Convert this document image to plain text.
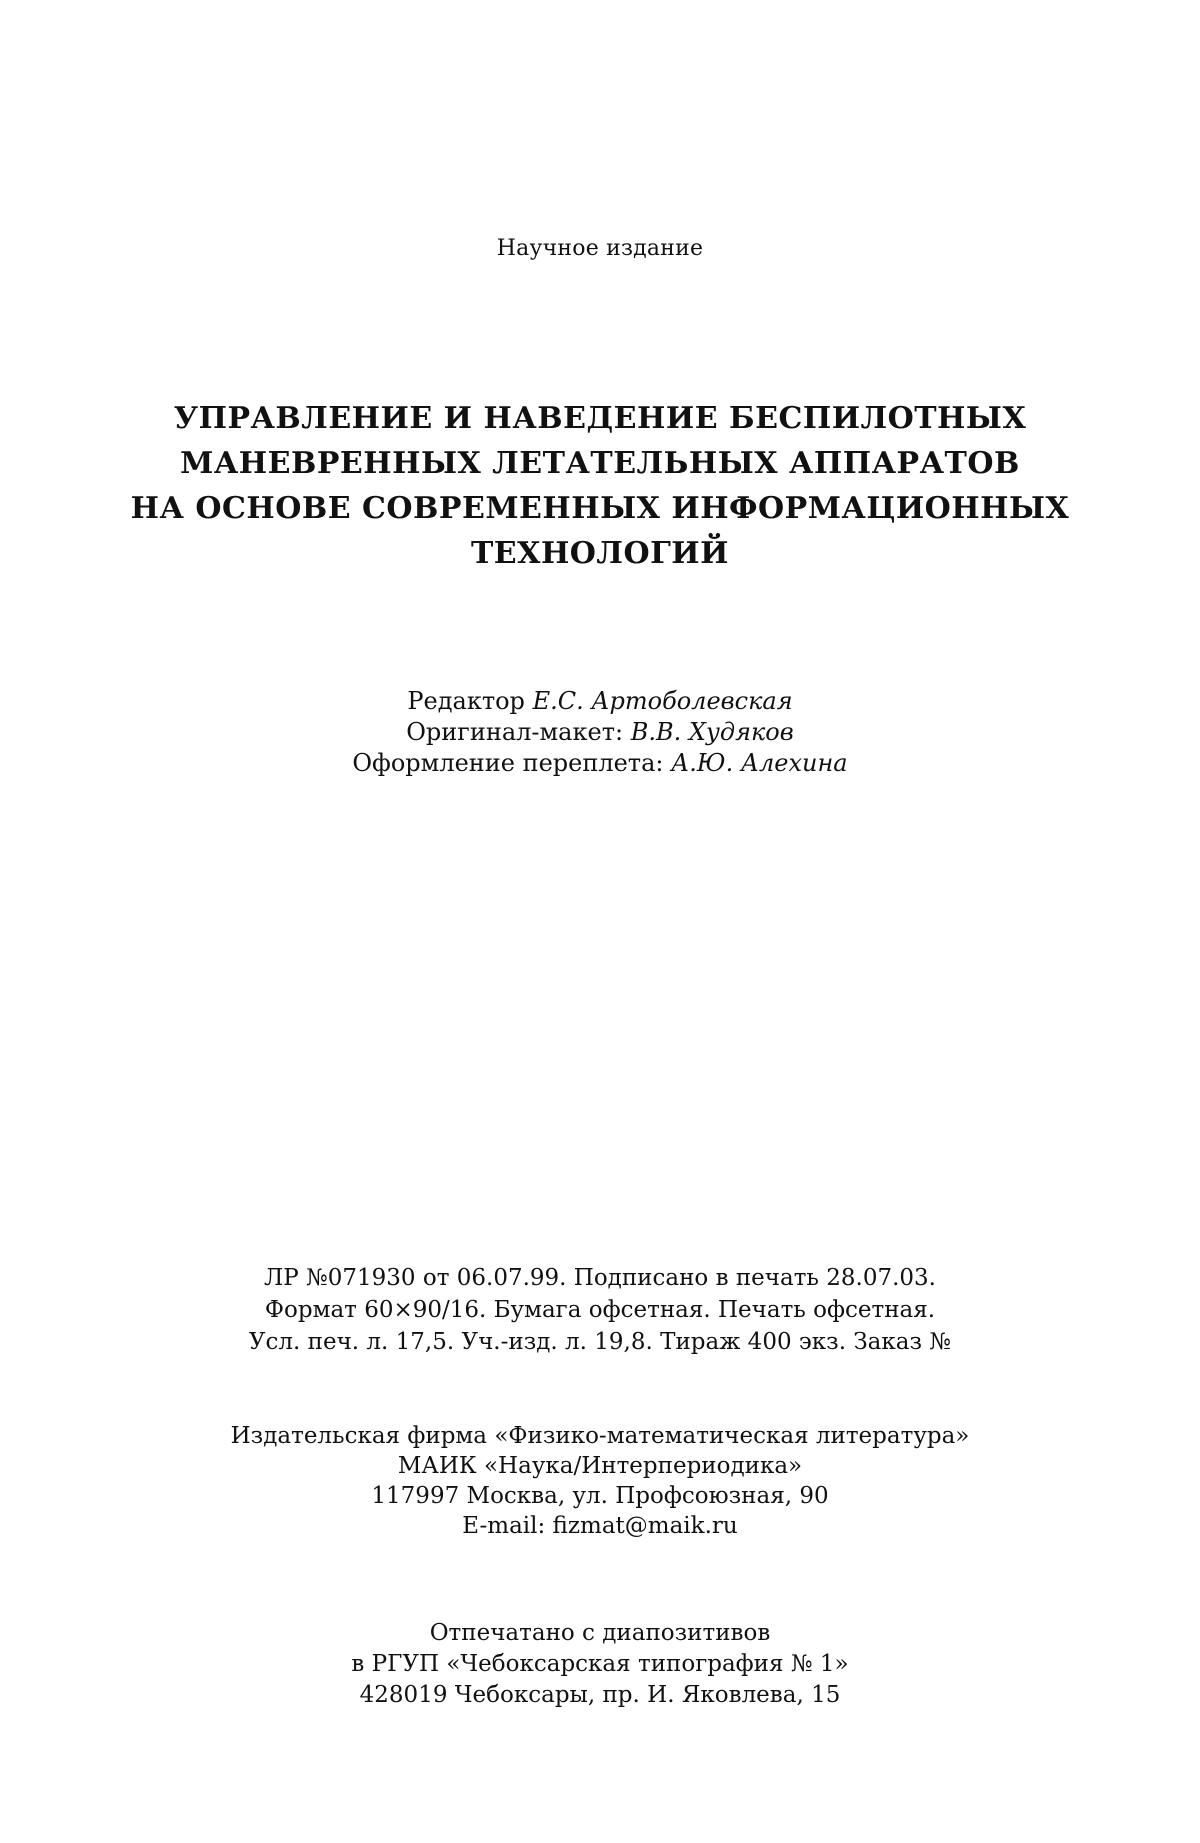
Научное издание
УПРАВЛЕНИЕ И НАВЕДЕНИЕ БЕСПИЛОТНЫХ
МАНЕВРЕННЫХ ЛЕТАТЕЛЬНЫХ АППАРАТОВ
НА ОСНОВЕ СОВРЕМЕННЫХ ИНФОРМАЦИОННЫХ
ТЕХНОЛОГИЙ
Редактор Е.С. Артоболевская
Оригинал-макет: В.В. Худяков
Оформление переплета: А.Ю. Алехина
ЛР №071930 от 06.07.99. Подписано в печать 28.07.03.
Формат 60×90/16. Бумага офсетная. Печать офсетная.
Усл. печ. л. 17,5. Уч.-изд. л. 19,8. Тираж 400 экз. Заказ №
Издательская фирма «Физико-математическая литература»
МАИК «Наука/Интерпериодика»
117997 Москва, ул. Профсоюзная, 90
E-mail: fizmat@maik.ru
Отпечатано с диапозитивов
в РГУП «Чебоксарская типография № 1»
428019 Чебоксары, пр. И. Яковлева, 15
